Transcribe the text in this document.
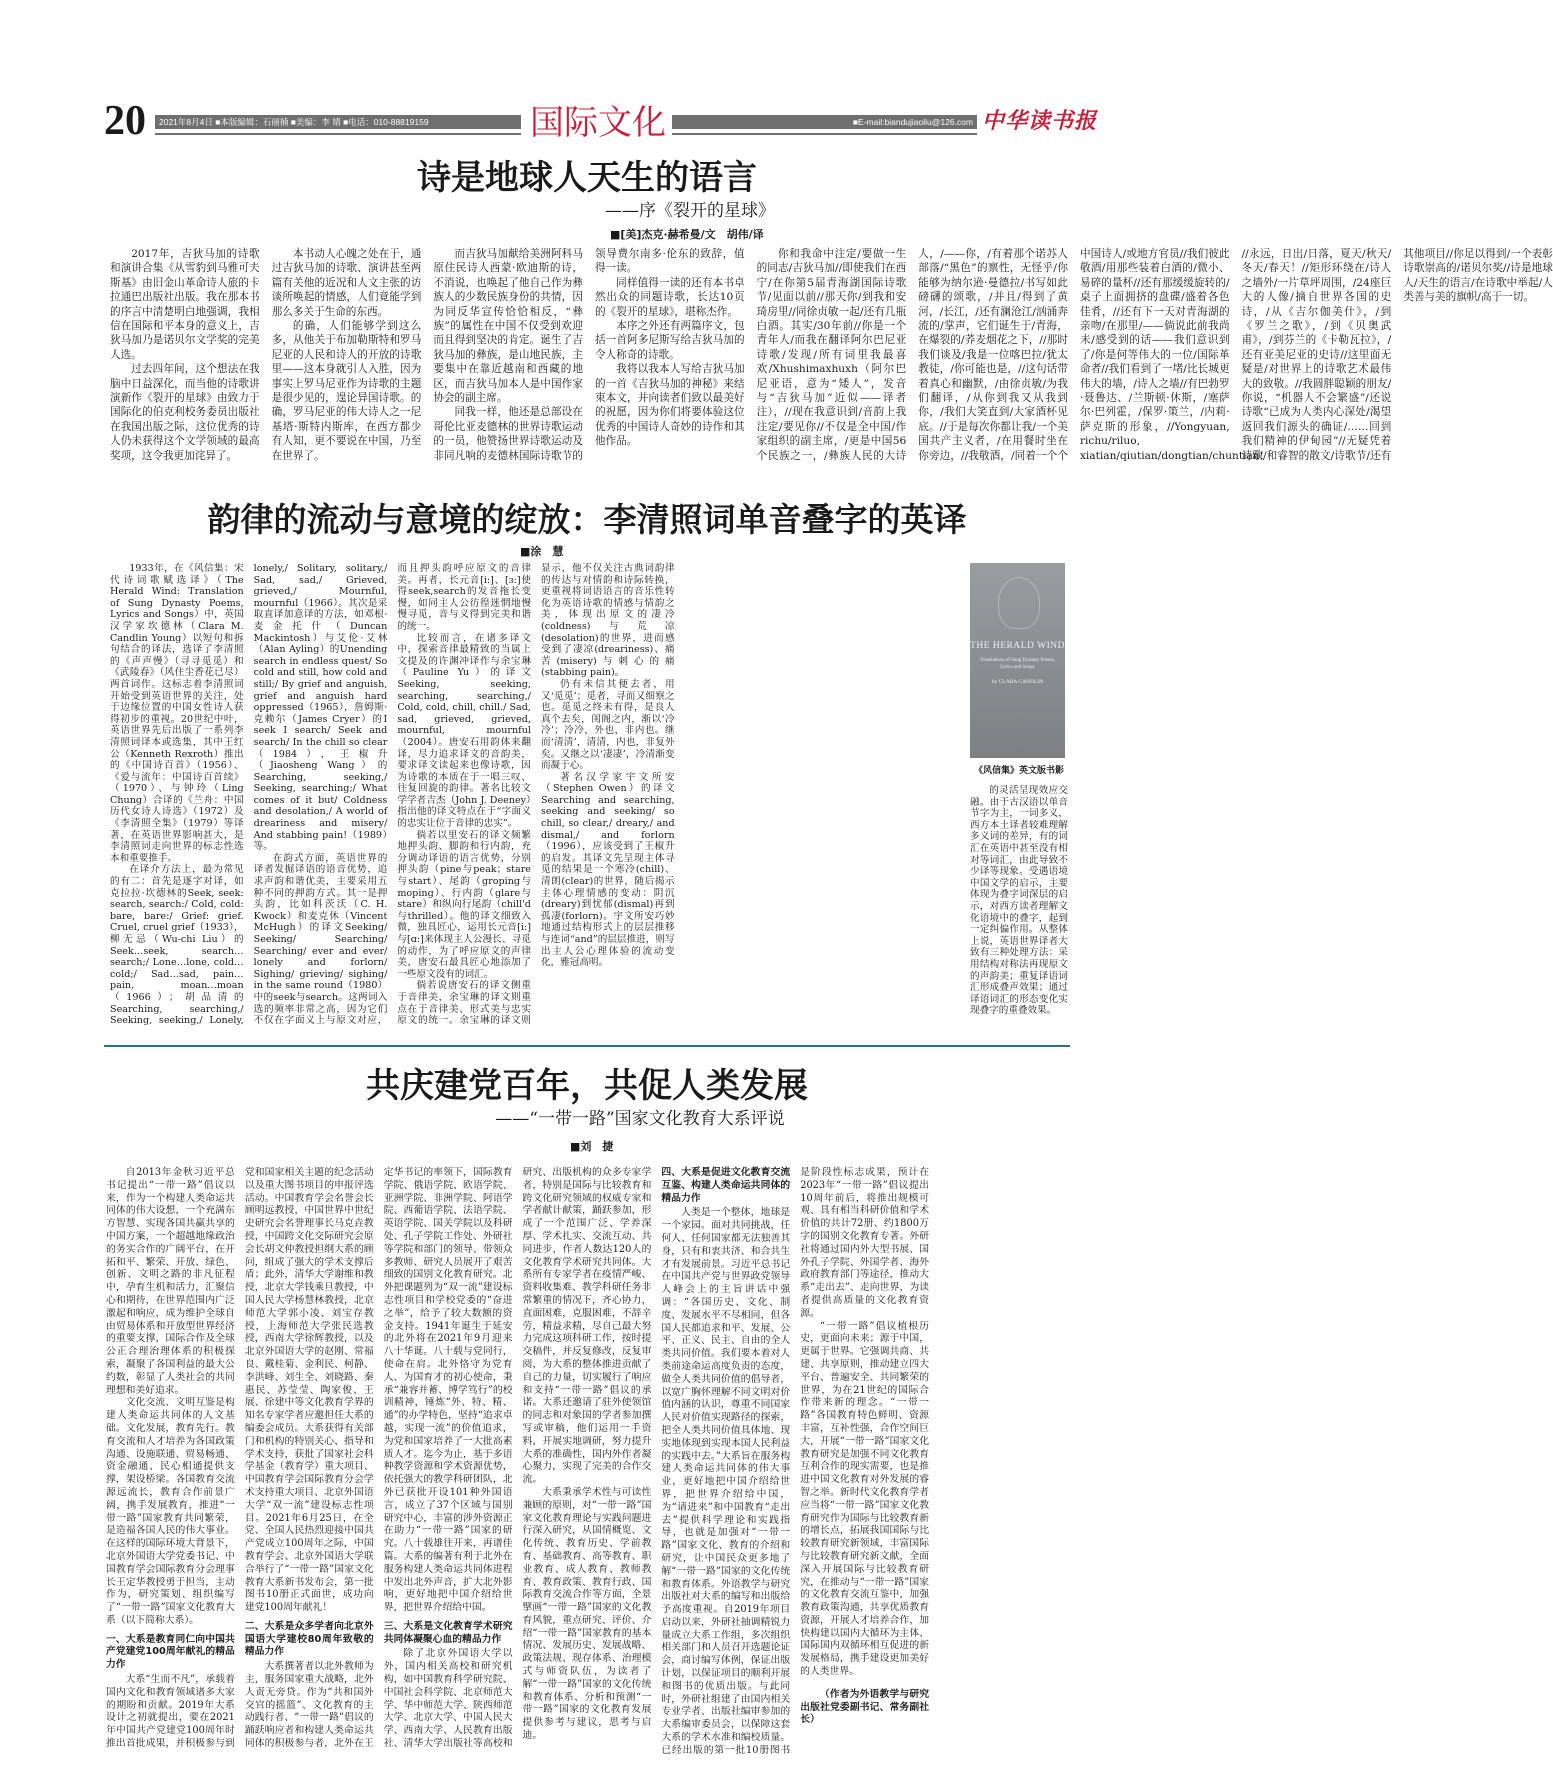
20	2021年8月4日 ■本版编辑：石丽楠 ■美编：李 婧 ■电话：010-88819159	国际文化	■E-mail:biandujiaoliu@126.com 中华读书报
诗是地球人天生的语言
——序《裂开的星球》
■[美]杰克·赫希曼/文　胡伟/译

2017年，吉狄马加的诗歌和演讲合集《从雪豹到马雅可夫斯基》由旧金山革命诗人旅的卡拉通巴出版社出版。我在那本书的序言中清楚明白地强调，我相信在国际和平本身的意义上，吉狄马加乃是诺贝尔文学奖的完美人选。

过去四年间，这个想法在我脑中日益深化，而当他的诗歌讲演新作《裂开的星球》由致力于国际化的伯克利校务委员出版社在我国出版之际，这位优秀的诗人仍未获得这个文学领域的最高奖项，这令我更加诧异了。

本书动人心魄之处在于，通过吉狄马加的诗歌、演讲甚至两篇有关他的近况和人文主张的访谈所唤起的情感，人们竟能学到那么多关于生命的东西。

的确，人们能够学到这么多，从他关于布加勒斯特和罗马尼亚的人民和诗人的开放的诗歌里——这本身就引人入胜，因为事实上罗马尼亚作为诗歌的主题是很少见的，遑论异国诗歌。的确，罗马尼亚的伟大诗人之一尼基塔·斯特内斯库，在西方都少有人知，更不要说在中国，乃至在世界了。

而吉狄马加献给美洲阿科马原住民诗人西蒙·欧迪斯的诗，不消说，也唤起了他自己作为彝族人的少数民族身份的共情，因为同反华宣传恰恰相反，“彝族”的属性在中国不仅受到欢迎而且得到坚决的肯定。诞生了吉狄马加的彝族，是山地民族，主要集中在靠近越南和西藏的地区，而吉狄马加本人是中国作家协会的副主席。

同我一样，他还是总部设在哥伦比亚麦德林的世界诗歌运动的一员，他赞扬世界诗歌运动及非同凡响的麦德林国际诗歌节的领导费尔南多·伦东的致辞，值得一读。

同样值得一读的还有本书卓然出众的同题诗歌，长达10页的《裂开的星球》，堪称杰作。

本序之外还有两篇序文，包括一首阿多尼斯写给吉狄马加的令人称奇的诗歌。

我将以我本人写给吉狄马加的一首《吉狄马加的神秘》来结束本文，并向读者们致以最美好的祝愿，因为你们将要体验这位优秀的中国诗人奇妙的诗作和其他作品。

你和我命中注定/要做一生的同志/吉狄马加//即使我们在西宁/在你第5届青海湖国际诗歌节/见面以前//那天你/到我和安琦房里//同徐贞敏一起/还有几瓶白酒。其实/30年前//你是一个青年人/而我在翻译阿尔巴尼亚诗歌/发现/所有词里我最喜欢/Xhushimaxhuxh（阿尔巴尼亚语，意为“矮人”，发音与“吉狄马加”近似——译者注），//现在我意识到/音韵上我注定/要见你//不仅是全中国/作家组织的副主席，/更是中国56个民族之一，/彝族人民的大诗人，/——你，/有着那个诺苏人部落/“黑色”的禀性，无怪乎/你能够为纳尔逊·曼德拉/书写如此磅礴的颂歌，/并且/得到了黄河，/长江，/还有澜沧江/汹涌奔流的/掌声，它们诞生于/青海，在爆裂的/荞麦烟花之下，//那时我们谈及/我是一位喀巴拉/犹太教徒，/你可能也是，//这句话带着真心和幽默，/由徐贞敏/为我们翻译，/从你到我又从我到你，/我们大笑直到/大家酒杯见底。//于是每次你都让我/一个美国共产主义者，/在用餐时坐在你旁边，//我敬酒，/同着一个个中国诗人/或地方官员//我们彼此敬酒/用那些装着白酒的/微小、易碎的量杯//还有那缓缓旋转的/桌子上面拥挤的盘碟/盛着各色佳肴，//还有下一天对青海湖的亲吻/在那里/——倘说此前我尚未/感受到的话——我们意识到了/你是何等伟大的一位/国际革命者//我们看到了一堵/比长城更伟大的墙，/诗人之墙//有巴勃罗·聂鲁达、/兰斯顿·休斯，/塞萨尔·巴列霍，/保罗·策兰，/内莉·萨克斯的形象，//Yongyuan, richu/riluo, xiatian/qiutian/dongtian/chuntian! //永远，日出/日落，夏天/秋天/冬天/春天！//矩形环绕在/诗人之墙外/一片草坪周围，/24座巨大的人像/摘自世界各国的史诗，/从《吉尔伽美什》，/到《罗兰之歌》，/到《贝奥武甫》，/到芬兰的《卡勒瓦拉》，/还有亚美尼亚的史诗//这里面无疑是/对世界上的诗歌艺术最伟大的致敬。//我圆胖聪颖的朋友/你说，“机器人不会繁盛”/还说诗歌“已成为人类内心深处/渴望返回我们源头的确证/……回到我们精神的伊甸园”//无疑凭着诗歌/和睿智的散文/诗歌节/还有其他项目//你足以得到/一个表彰诗歌崇高的/诺贝尔奖//诗是地球人/天生的语言/在诗歌中举起/人类善与美的旗帜/高于一切。

韵律的流动与意境的绽放：李清照词单音叠字的英译
■涂　慧

1933年，在《风信集：宋代诗词歌赋选译》（The Herald Wind: Translation of Sung Dynasty Poems, Lyrics and Songs）中，英国汉学家坎德林（Clara M. Candlin Young）以短句和拆句结合的译法，选译了李清照的《声声慢》（寻寻觅觅）和《武陵春》（风住尘香花已尽）两首词作。这标志着李清照词开始受到英语世界的关注，处于边缘位置的中国女性诗人获得初步的重视。20世纪中叶，英语世界先后出版了一系列李清照词译本或选集，其中王红公（Kenneth Rexroth）推出的《中国诗百首》（1956）、《爱与流年：中国诗百首续》（1970）、与钟玲（Ling Chung）合译的《兰舟：中国历代女诗人诗选》（1972）及《李清照全集》（1979）等译著，在英语世界影响甚大，是李清照词走向世界的标志性选本和重要推手。

在译介方法上，最为常见的有二：首先是逐字对译，如克拉拉·坎德林的Seek, seek: search, search:/ Cold, cold: bare, bare:/ Grief: grief. Cruel, cruel grief（1933），柳无忌（Wu-chi Liu）的Seek…seek, search…search;/ Lone…lone, cold…cold;/ Sad…sad, pain…pain, moan…moan（1966）；胡品清的Searching, searching,/ Seeking, seeking,/ Lonely, lonely,/ Solitary, solitary,/ Sad, sad,/ Grieved, grieved,/ Mournful, mournful（1966）。其次是采取直译加意译的方法，如邓根·麦金托什（Duncan Mackintosh）与艾伦·艾林（Alan Ayling）的Unending search in endless quest/ So cold and still, how cold and still;/ By grief and anguish, grief and anguish hard oppressed（1965），詹姆斯·克赖尔（James Cryer）的I seek I search/ Seek and search/ In the chill so clear（1984），王椒升（Jiaosheng Wang）的Searching, seeking,/ Seeking, searching;/ What comes of it but/ Coldness and desolation,/ A world of dreariness and misery/ And stabbing pain!（1989）等。

在韵式方面，英语世界的译者发掘译语的语音优势，追求声韵和谐优美，主要采用五种不同的押韵方式。其一是押头韵，比如科茨沃（C. H. Kwock）和麦克休（Vincent McHugh）的译文Seeking/ Seeking/ Searching/ Searching/ ever and ever/ lonely and forlorn/ Sighing/ grieving/ sighing/ in the same round（1980）中的seek与search。这两词入选的频率非常之高，因为它们不仅在字面义上与原文对应，而且押头韵呼应原文的音律美。再者，长元音[i:]、[ɜ:]使得seek,search的发音拖长变慢，如同主人公彷徨迷惘地慢慢寻觅，音与义得到完美和谐的统一。

比较而言，在诸多译文中，探索音律最精致的当属上文提及的许渊冲译作与余宝琳（Pauline Yu）的译文Seeking, seeking, searching, searching,/ Cold, cold, chill, chill./ Sad, sad, grieved, grieved, mournful, mournful（2004）。唐安石用韵体来翻译，尽力追求译文的音韵美，要求译文读起来也像诗歌，因为诗歌的本质在于一唱三叹、往复回旋的韵律。著名比较文学学者吉杰（John J. Deeney）指出他的译文特点在于“字面义的忠实让位于音律的忠实”。

倘若以里安石的译文频繁地押头韵、脚韵和行内韵，充分调动译语的语言优势，分别押头韵（pine与peak；stare与start）、尾韵（groping与moping）、行内韵（glare与stare）和纵向行尾韵（chill'd与thrilled）。他的译文细致入微，独具匠心，运用长元音[i:]与[ɑ:]来体现主人公漫长、寻觅的动作，为了呼应原文的声律美，唐安石最具匠心地添加了一些原文没有的词汇。

倘若说唐安石的译文侧重于音律美，余宝琳的译文则重点在于音律美、形式美与忠实原文的统一。余宝琳的译文则显示，他不仅关注古典词韵律的传达与对情韵和诗际转换，更重视将词语语言的音乐性转化为英语诗歌的情感与情韵之美，体现出原文的凄冷(coldness)与荒凉(desolation)的世界，进而感受到了凄凉(dreariness)、痛苦(misery)与刺心的痛(stabbing pain)。

仍有未信其便去者，用又‘觅觅’；觅者，寻而又细察之也。觅觅之终未有得，是良人真个去矣，闺阁之内，渐以‘冷冷’；冷冷，外也，非内也。继而‘清清’，清清，内也，非复外矣。又继之以‘凄凄’，冷清渐变而凝于心。

著名汉学家宇文所安（Stephen Owen）的译文Searching and searching, seeking and seeking/ so chill, so clear,/ dreary,/ and dismal,/ and forlorn（1996），应该受到了王椒升的启发。其译文先呈现主体寻觅的结果是一个寒冷(chill)、清朗(clear)的世界，随后揭示主体心理情感的变动：阴沉(dreary)到忧郁(dismal)再到孤凄(forlorn)。宇文所安巧妙地通过结构形式上的层层推移与连词“and”的层层推进，则写出主人公心理体验的流动变化，雅冠高明。

THE HERALD WIND
Translations of Sung Dynasty Poems, Lyrics and Songs
by CLARA CANDLIN
《风信集》英文版书影

的灵活呈现效应交融。由于古汉语以单音节字为主，一词多义，西方本土译者较难理解多义词的差异，有的词汇在英语中甚至没有相对等词汇，由此导致不少译等现象。受遇语境中国文学的启示，主要体现为叠字词深层的启示，对西方读者理解文化语境中的叠字，起到一定纠偏作用。从整体上说，英语世界译者大致有三种处理方法：采用结构对称法再现原文的声韵美；重复译语词汇形成叠声效果；通过译语词汇的形态变化实现叠字的重叠效果。

共庆建党百年，共促人类发展
——“一带一路”国家文化教育大系评说
■刘　捷

自2013年金秋习近平总书记提出“一带一路”倡议以来，作为一个构建人类命运共同体的伟大设想，一个充满东方智慧、实现各国共赢共享的中国方案，一个超越地缘政治的务实合作的广阔平台，在开拓和平、繁荣、开放、绿色、创新、文明之路的非凡征程中，孕育生机和活力，汇聚信心和期待，在世界范围内广泛激起和响应，成为维护全球自由贸易体系和开放型世界经济的重要支撑，国际合作及全球公正合理治理体系的积极探索，凝聚了各国利益的最大公约数，彰显了人类社会的共同理想和美好追求。

文化交流、文明互鉴是构建人类命运共同体的人文基础。文化发展，教育先行。教育交流和人才培养为各国政策沟通、设施联通、贸易畅通、资金融通、民心相通提供支撑，架设桥梁。各国教育交流源远流长，教育合作前景广阔，携手发展教育，推进“一带一路”国家教育共同繁荣，是造福各国人民的伟大事业。在这样的国际环境大背景下，北京外国语大学党委书记、中国教育学会国际教育分会理事长王定华教授勇于担当，主动作为，研究策划、组织编写了“一带一路”国家文化教育大系（以下简称大系）。

一、大系是教育同仁向中国共产党建党100周年献礼的精品力作

大系“生而不凡”，承载着国内文化和教育领域诸多大家的期盼和贡献。2019年大系设计之初就提出，要在2021年中国共产党建党100周年时推出首批成果，并积极参与到党和国家相关主题的纪念活动以及重大图书项目的申报评选活动。中国教育学会名誉会长顾明远教授，中国世界中世纪史研究会名誉理事长马克垚教授，中国跨文化交际研究会原会长胡文仲教授担纲大系的顾问，组成了强大的学术支撑后盾；此外，清华大学谢维和教授，北京大学钱乘旦教授，中国人民大学杨慧林教授，北京师范大学郭小凌、刘宝存教授，上海师范大学张民选教授，西南大学徐辉教授，以及北京外国语大学的赵刚、常福良、戴桂菊、金利民、柯静、李洪峰、刘生全、刘晓路、秦惠民、苏莹莹、陶家俊、王展、徐建中等文化教育学界的知名专家学者应邀担任大系的编委会成员。大系获得有关部门和机构的特别关心、指导和学术支持，获批了国家社会科学基金（教育学）重大项目、中国教育学会国际教育分会学术支持重大项目、北京外国语大学“双一流”建设标志性项目。2021年6月25日，在全党、全国人民热烈迎接中国共产党成立100周年之际，中国教育学会、北京外国语大学联合举行了“一带一路”国家文化教育大系新书发布会，第一批图书10册正式面世，成功向建党100周年献礼！

二、大系是众多学者向北京外国语大学建校80周年致敬的精品力作

大系撰著者以北外教师为主，服务国家重大战略，北外人责无旁贷。作为“共和国外交官的摇篮”、文化教育的主动践行者、“一带一路”倡议的踊跃响应者和构建人类命运共同体的积极参与者，北外在王定华书记的率领下，国际教育学院、俄语学院、欧语学院、亚洲学院、非洲学院、阿语学院、西葡语学院、法语学院、英语学院、国关学院以及科研处、孔子学院工作处、外研社等学院和部门的领导、带领众多教师、研究人员展开了艰苦细致的国别文化教育研究。北外把课题列为“双一流”建设标志性项目和学校党委的“奋进之举”，给予了较大数额的资金支持。1941年诞生于延安的北外将在2021年9月迎来八十华诞。八十载与党同行，使命在肩。北外恪守为党育人、为国育才的初心使命，秉承“兼容并蓄、博学笃行”的校训精神，锤炼“外、特、精、通”的办学特色，坚持“追求卓越，实现一流”的价值追求，为党和国家培养了一大批高素质人才。迄今为止，基于多语种教学资源和学术资源优势，依托强大的教学科研团队，北外已获批开设101种外国语言，成立了37个区域与国别研究中心，丰富的涉外资源正在助力“一带一路”国家的研究。八十载雄往开来，再谱佳篇。大系的编著有利于北外在服务构建人类命运共同体进程中发出北外声音，扩大北外影响，更好地把中国介绍给世界，把世界介绍给中国。

三、大系是文化教育学术研究共同体凝聚心血的精品力作

除了北京外国语大学以外，国内相关高校和研究机构，如中国教育科学研究院、中国社会科学院、北京师范大学、华中师范大学、陕西师范大学、北京大学、中国人民大学、西南大学、人民教育出版社、清华大学出版社等高校和研究、出版机构的众多专家学者，特别是国际与比较教育和跨文化研究领域的权威专家和学者献计献策，踊跃参加，形成了一个范围广泛、学养深厚、学术扎实、交流互动、共同进步，作者人数达120人的文化教育学术研究共同体。大系所有专家学者在疫情严峻、资料收集难、教学科研任务非常繁重的情况下，齐心协力，直面困难，克服困难，不辞辛劳，精益求精，尽自己最大努力完成这项科研工作，按时提交稿件，并反复修改，反复审阅，为大系的整体推进贡献了自己的力量，切实履行了响应和支持“一带一路”倡议的承诺。大系还邀请了驻外使领馆的同志和对象国的学者参加撰写或审稿，他们运用一手资料，开展实地调研，努力提升大系的准确性，国内外作者凝心聚力，实现了完美的合作交流。

大系秉承学术性与可读性兼顾的原则，对“一带一路”国家文化教育理论与实践问题进行深入研究，从国情概览、文化传统、教育历史、学前教育、基础教育、高等教育、职业教育、成人教育、教师教育、教育政策、教育行政、国际教育交流合作等方面，全景擘画“一带一路”国家的文化教育风貌，重点研究、评价、介绍“一带一路”国家教育的基本情况、发展历史、发展战略、政策法规、现存体系、治理模式与师资队伍，为读者了解“一带一路”国家的文化传统和教育体系、分析和预测“一带一路”国家的文化教育发展提供参考与建议，思考与启迪。

四、大系是促进文化教育交流互鉴、构建人类命运共同体的精品力作

人类是一个整体，地球是一个家园。面对共同挑战，任何人、任何国家都无法独善其身，只有和衷共济、和合共生才有发展前景。习近平总书记在中国共产党与世界政党领导人峰会上的主旨讲话中强调：“各国历史、文化、制度、发展水平不尽相同，但各国人民都追求和平、发展、公平、正义、民主、自由的全人类共同价值。我们要本着对人类前途命运高度负责的态度，做全人类共同价值的倡导者，以宽广胸怀理解不同文明对价值内涵的认识，尊重不同国家人民对价值实现路径的探索，把全人类共同价值具体地、现实地体现到实现本国人民利益的实践中去。”大系旨在服务构建人类命运共同体的伟大事业，更好地把中国介绍给世界，把世界介绍给中国，为“请进来”和中国教育“走出去”提供科学理论和实践指导，也就是加强对“一带一路”国家文化、教育的介绍和研究，让中国民众更多地了解“一带一路”国家的文化传统和教育体系。外语教学与研究出版社对大系的编写和出版给予高度重视。自2019年项目启动以来，外研社抽调精锐力量成立大系工作组，多次组织相关部门和人员召开选题论证会，商讨编写体例，保证出版计划，以保证项目的顺利开展和图书的优质出版。与此同时，外研社组建了由国内相关专业学者、出版社编审参加的大系编审委员会，以保障这套大系的学术水准和编校质量。已经出版的第一批10册图书是阶段性标志成果，预计在2023年“一带一路”倡议提出10周年前后，将推出规模可观、具有相当科研价值和学术价值的共计72册、约1800万字的国别文化教育专著。外研社将通过国内外大型书展、国外孔子学院、外国学者、海外政府教育部门等途径，推动大系“走出去”、走向世界，为读者提供高质量的文化教育资源。

“一带一路”倡议植根历史，更面向未来；源于中国，更属于世界。它强调共商、共建、共享原则，推动建立四大平台、普遍安全、共同繁荣的世界，为在21世纪的国际合作带来新的理念。“一带一路”各国教育特色鲜明、资源丰富，互补性强，合作空间巨大，开展“一带一路”国家文化教育研究是加强不同文化教育互利合作的现实需要，也是推进中国文化教育对外发展的睿智之举。新时代文化教育学者应当将“一带一路”国家文化教育研究作为国际与比较教育新的增长点，拓展我国国际与比较教育研究新领域，丰富国际与比较教育研究新文献，全面深入开展国际与比较教育研究，在推动与“一带一路”国家的文化教育交流互鉴中，加强教育政策沟通，共享优质教育资源，开展人才培养合作，加快构建以国内大循环为主体、国际国内双循环相互促进的新发展格局，携手建设更加美好的人类世界。

（作者为外语教学与研究出版社党委副书记、常务副社长）
